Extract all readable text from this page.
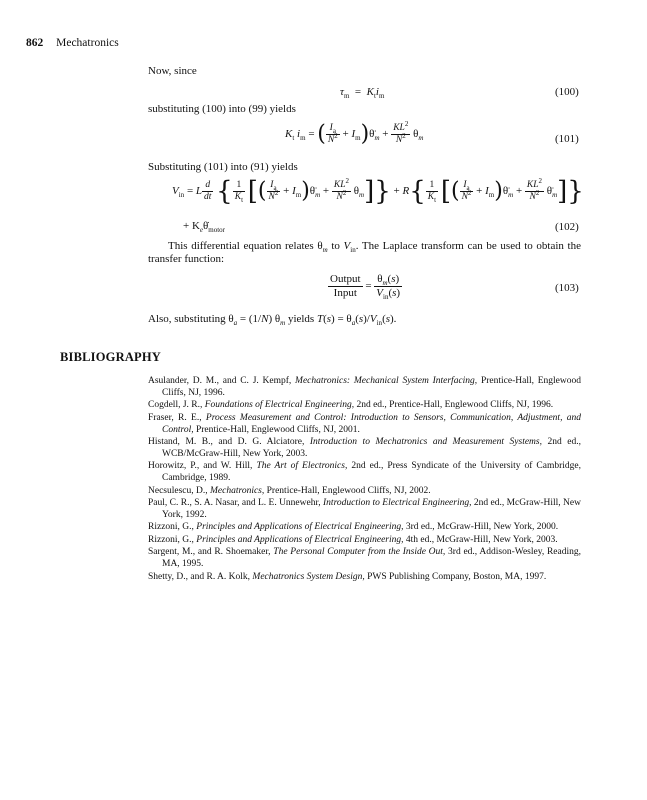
862 Mechatronics
Now, since
$\tau_m = K_ti_m$	(100)
substituting (100) into (99) yields
$K_t$ $i_m$ = ( $\frac{I_a}{N^2}$ + $I_m)\thetä_m + \frac{KL^2}{N^2} \theta_m$	(101)
Substituting (101) into (91) yields
$V_{in} = L \frac{d}{dt}$ { $\frac{1}{K_t}$ [( $\frac{I_a}{N^2}$ + $I_m)\thetä_m + \frac{KL^2}{N^2} \theta_m]\} + R\{ \frac{1}{K_t}$ [( $\frac{I_a}{N^2}$ + $I_m)\thetä_m + \frac{KL^2}{N^2}$ $\thetä_m$]}
+ $K_e\thetȧ_{motor}$	(102)
This differential equation relates $\theta_m$ to $V_{in}$. The Laplace transform can be used to obtain the transfer function:
$\frac{\text{Output}}{\text{Input}} = \frac{\theta_m(s)}{V_{in}(s)}$	(103)
Also, substituting $\theta_a = (1/N)$ $\theta_m$ yields $T(s) = \theta_a(s)/V_{in}(s)$.
BIBLIOGRAPHY
Asulander, D. M., and C. J. Kempf, Mechatronics: Mechanical System Interfacing, Prentice-Hall, Englewood Cliffs, NJ, 1996.
Cogdell, J. R., Foundations of Electrical Engineering, 2nd ed., Prentice-Hall, Englewood Cliffs, NJ, 1996.
Fraser, R. E., Process Measurement and Control: Introduction to Sensors, Communication, Adjustment, and Control, Prentice-Hall, Englewood Cliffs, NJ, 2001.
Histand, M. B., and D. G. Alciatore, Introduction to Mechatronics and Measurement Systems, 2nd ed., WCB/McGraw-Hill, New York, 2003.
Horowitz, P., and W. Hill, The Art of Electronics, 2nd ed., Press Syndicate of the University of Cambridge, Cambridge, 1989.
Necsulescu, D., Mechatronics, Prentice-Hall, Englewood Cliffs, NJ, 2002.
Paul, C. R., S. A. Nasar, and L. E. Unnewehr, Introduction to Electrical Engineering, 2nd ed., McGraw-Hill, New York, 1992.
Rizzoni, G., Principles and Applications of Electrical Engineering, 3rd ed., McGraw-Hill, New York, 2000.
Rizzoni, G., Principles and Applications of Electrical Engineering, 4th ed., McGraw-Hill, New York, 2003.
Sargent, M., and R. Shoemaker, The Personal Computer from the Inside Out, 3rd ed., Addison-Wesley, Reading, MA, 1995.
Shetty, D., and R. A. Kolk, Mechatronics System Design, PWS Publishing Company, Boston, MA, 1997.
